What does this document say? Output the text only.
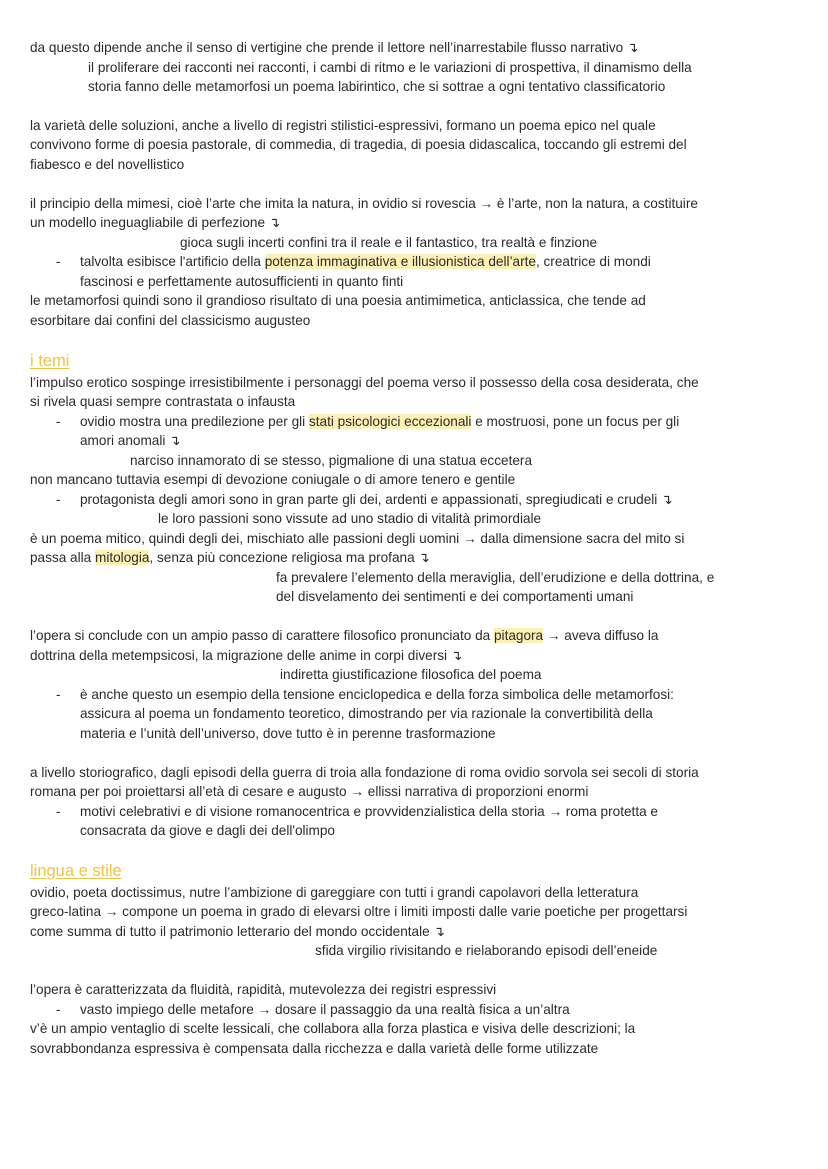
da questo dipende anche il senso di vertigine che prende il lettore nell’inarrestabile flusso narrativo ↴
il proliferare dei racconti nei racconti, i cambi di ritmo e le variazioni di prospettiva, il dinamismo della
storia fanno delle metamorfosi un poema labirintico, che si sottrae a ogni tentativo classificatorio
la varietà delle soluzioni, anche a livello di registri stilistici-espressivi, formano un poema epico nel quale
convivono forme di poesia pastorale, di commedia, di tragedia, di poesia didascalica, toccando gli estremi del
fiabesco e del novellistico
il principio della mimesi, cioè l’arte che imita la natura, in ovidio si rovescia → è l’arte, non la natura, a costituire
un modello ineguagliabile di perfezione ↴
gioca sugli incerti confini tra il reale e il fantastico, tra realtà e finzione
- talvolta esibisce l'artificio della potenza immaginativa e illusionistica dell’arte, creatrice di mondi
fascinosi e perfettamente autosufficienti in quanto finti
le metamorfosi quindi sono il grandioso risultato di una poesia antimimetica, anticlassica, che tende ad
esorbitare dai confini del classicismo augusteo
i temi
l’impulso erotico sospinge irresistibilmente i personaggi del poema verso il possesso della cosa desiderata, che
si rivela quasi sempre contrastata o infausta
- ovidio mostra una predilezione per gli stati psicologici eccezionali e mostruosi, pone un focus per gli
amori anomali ↴
narciso innamorato di se stesso, pigmalione di una statua eccetera
non mancano tuttavia esempi di devozione coniugale o di amore tenero e gentile
- protagonista degli amori sono in gran parte gli dei, ardenti e appassionati, spregiudicati e crudeli ↴
le loro passioni sono vissute ad uno stadio di vitalità primordiale
è un poema mitico, quindi degli dei, mischiato alle passioni degli uomini → dalla dimensione sacra del mito si
passa alla mitologia, senza più concezione religiosa ma profana ↴
fa prevalere l’elemento della meraviglia, dell’erudizione e della dottrina, e
del disvelamento dei sentimenti e dei comportamenti umani
l’opera si conclude con un ampio passo di carattere filosofico pronunciato da pitagora → aveva diffuso la
dottrina della metempsicosi, la migrazione delle anime in corpi diversi ↴
indiretta giustificazione filosofica del poema
- è anche questo un esempio della tensione enciclopedica e della forza simbolica delle metamorfosi:
assicura al poema un fondamento teoretico, dimostrando per via razionale la convertibilità della
materia e l’unità dell’universo, dove tutto è in perenne trasformazione
a livello storiografico, dagli episodi della guerra di troia alla fondazione di roma ovidio sorvola sei secoli di storia
romana per poi proiettarsi all’età di cesare e augusto → ellissi narrativa di proporzioni enormi
- motivi celebrativi e di visione romanocentrica e provvidenzialistica della storia → roma protetta e
consacrata da giove e dagli dei dell'olimpo
lingua e stile
ovidio, poeta doctissimus, nutre l’ambizione di gareggiare con tutti i grandi capolavori della letteratura
greco-latina → compone un poema in grado di elevarsi oltre i limiti imposti dalle varie poetiche per progettarsi
come summa di tutto il patrimonio letterario del mondo occidentale ↴
sfida virgilio rivisitando e rielaborando episodi dell’eneide
l’opera è caratterizzata da fluidità, rapidità, mutevolezza dei registri espressivi
- vasto impiego delle metafore → dosare il passaggio da una realtà fisica a un’altra
v’è un ampio ventaglio di scelte lessicali, che collabora alla forza plastica e visiva delle descrizioni; la
sovrabbondanza espressiva è compensata dalla ricchezza e dalla varietà delle forme utilizzate
